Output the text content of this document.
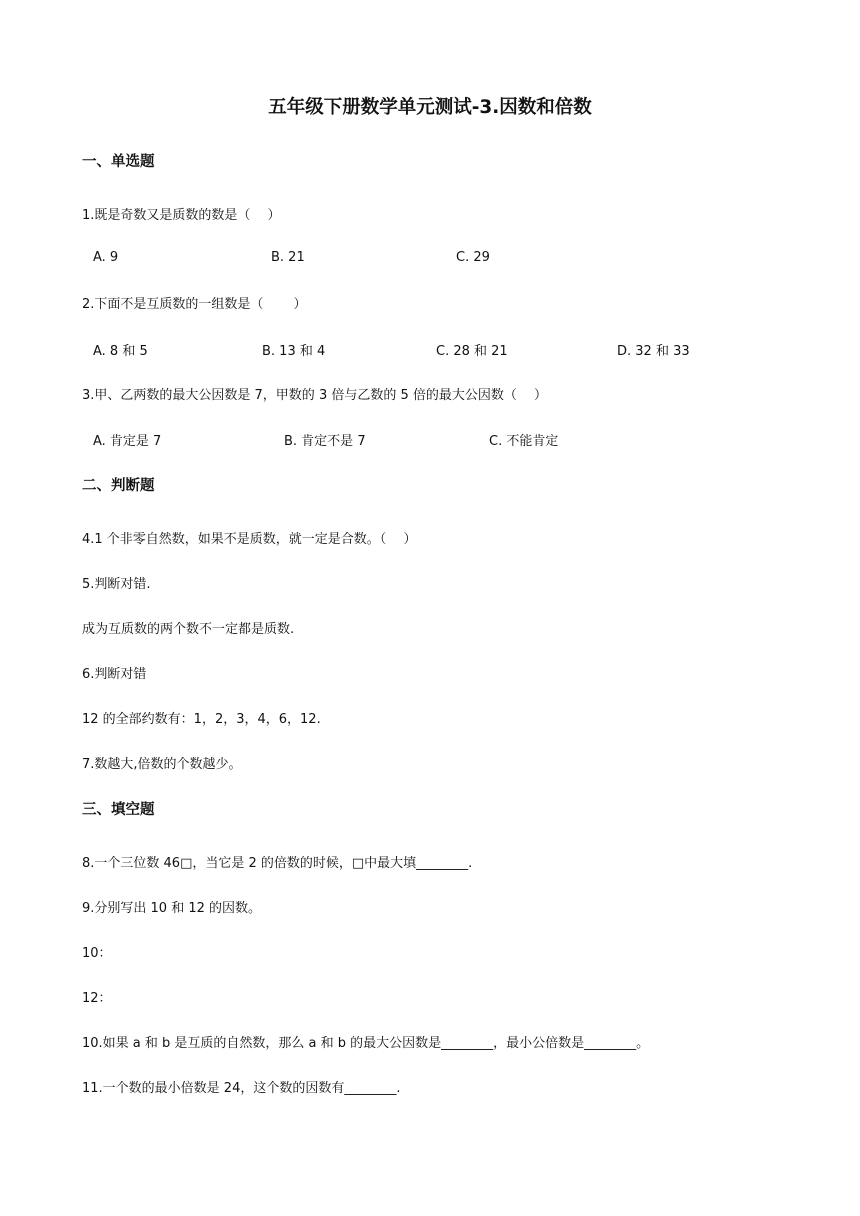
五年级下册数学单元测试-3.因数和倍数
一、单选题
1.既是奇数又是质数的数是（　 ）
A. 9	B. 21	C. 29
2.下面不是互质数的一组数是（　　 ）
A. 8 和 5	B. 13 和 4	C. 28 和 21	D. 32 和 33
3.甲、乙两数的最大公因数是 7，甲数的 3 倍与乙数的 5 倍的最大公因数（　 ）
A. 肯定是 7	B. 肯定不是 7	C. 不能肯定
二、判断题
4.1 个非零自然数，如果不是质数，就一定是合数。（　 ）
5.判断对错.
成为互质数的两个数不一定都是质数.
6.判断对错
12 的全部约数有：1，2，3，4，6，12.
7.数越大,倍数的个数越少。
三、填空题
8.一个三位数 46□，当它是 2 的倍数的时候，□中最大填________.
9.分别写出 10 和 12 的因数。
10：
12：
10.如果 a 和 b 是互质的自然数，那么 a 和 b 的最大公因数是________，最小公倍数是________。
11.一个数的最小倍数是 24，这个数的因数有________.
